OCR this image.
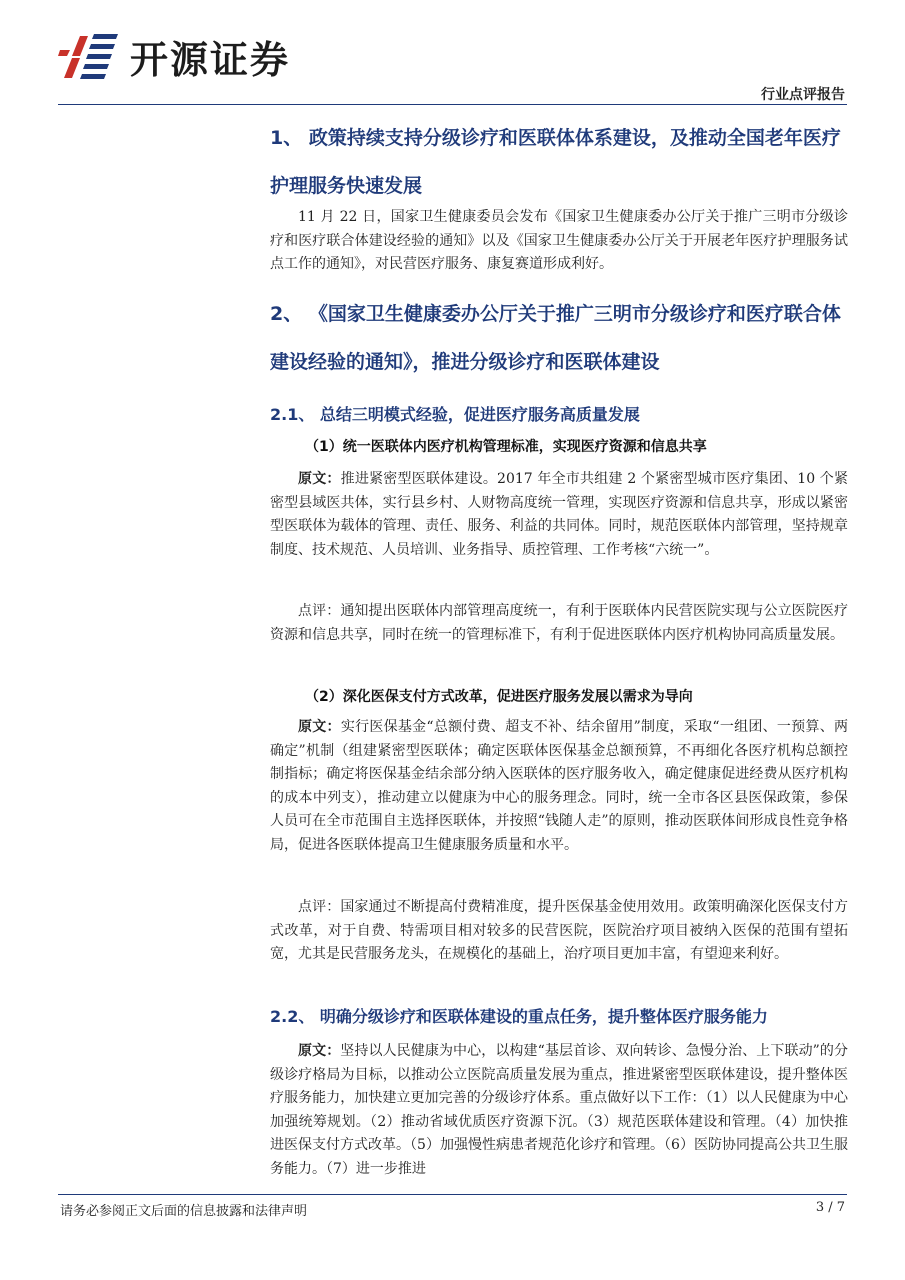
开源证券
行业点评报告
1、 政策持续支持分级诊疗和医联体体系建设，及推动全国老年医疗护理服务快速发展
11 月 22 日，国家卫生健康委员会发布《国家卫生健康委办公厅关于推广三明市分级诊疗和医疗联合体建设经验的通知》以及《国家卫生健康委办公厅关于开展老年医疗护理服务试点工作的通知》，对民营医疗服务、康复赛道形成利好。
2、 《国家卫生健康委办公厅关于推广三明市分级诊疗和医疗联合体建设经验的通知》，推进分级诊疗和医联体建设
2.1、 总结三明模式经验，促进医疗服务高质量发展
（1）统一医联体内医疗机构管理标准，实现医疗资源和信息共享
原文：推进紧密型医联体建设。2017 年全市共组建 2 个紧密型城市医疗集团、10 个紧密型县域医共体，实行县乡村、人财物高度统一管理，实现医疗资源和信息共享，形成以紧密型医联体为载体的管理、责任、服务、利益的共同体。同时，规范医联体内部管理，坚持规章制度、技术规范、人员培训、业务指导、质控管理、工作考核“六统一”。
点评：通知提出医联体内部管理高度统一，有利于医联体内民营医院实现与公立医院医疗资源和信息共享，同时在统一的管理标准下，有利于促进医联体内医疗机构协同高质量发展。
（2）深化医保支付方式改革，促进医疗服务发展以需求为导向
原文：实行医保基金“总额付费、超支不补、结余留用”制度，采取“一组团、一预算、两确定”机制（组建紧密型医联体；确定医联体医保基金总额预算，不再细化各医疗机构总额控制指标；确定将医保基金结余部分纳入医联体的医疗服务收入，确定健康促进经费从医疗机构的成本中列支），推动建立以健康为中心的服务理念。同时，统一全市各区县医保政策，参保人员可在全市范围自主选择医联体，并按照“钱随人走”的原则，推动医联体间形成良性竞争格局，促进各医联体提高卫生健康服务质量和水平。
点评：国家通过不断提高付费精准度，提升医保基金使用效用。政策明确深化医保支付方式改革，对于自费、特需项目相对较多的民营医院，医院治疗项目被纳入医保的范围有望拓宽，尤其是民营服务龙头，在规模化的基础上，治疗项目更加丰富，有望迎来利好。
2.2、 明确分级诊疗和医联体建设的重点任务，提升整体医疗服务能力
原文：坚持以人民健康为中心，以构建“基层首诊、双向转诊、急慢分治、上下联动”的分级诊疗格局为目标，以推动公立医院高质量发展为重点，推进紧密型医联体建设，提升整体医疗服务能力，加快建立更加完善的分级诊疗体系。重点做好以下工作：（1）以人民健康为中心加强统筹规划。（2）推动省域优质医疗资源下沉。（3）规范医联体建设和管理。（4）加快推进医保支付方式改革。（5）加强慢性病患者规范化诊疗和管理。（6）医防协同提高公共卫生服务能力。（7）进一步推进
请务必参阅正文后面的信息披露和法律声明	3 / 7
